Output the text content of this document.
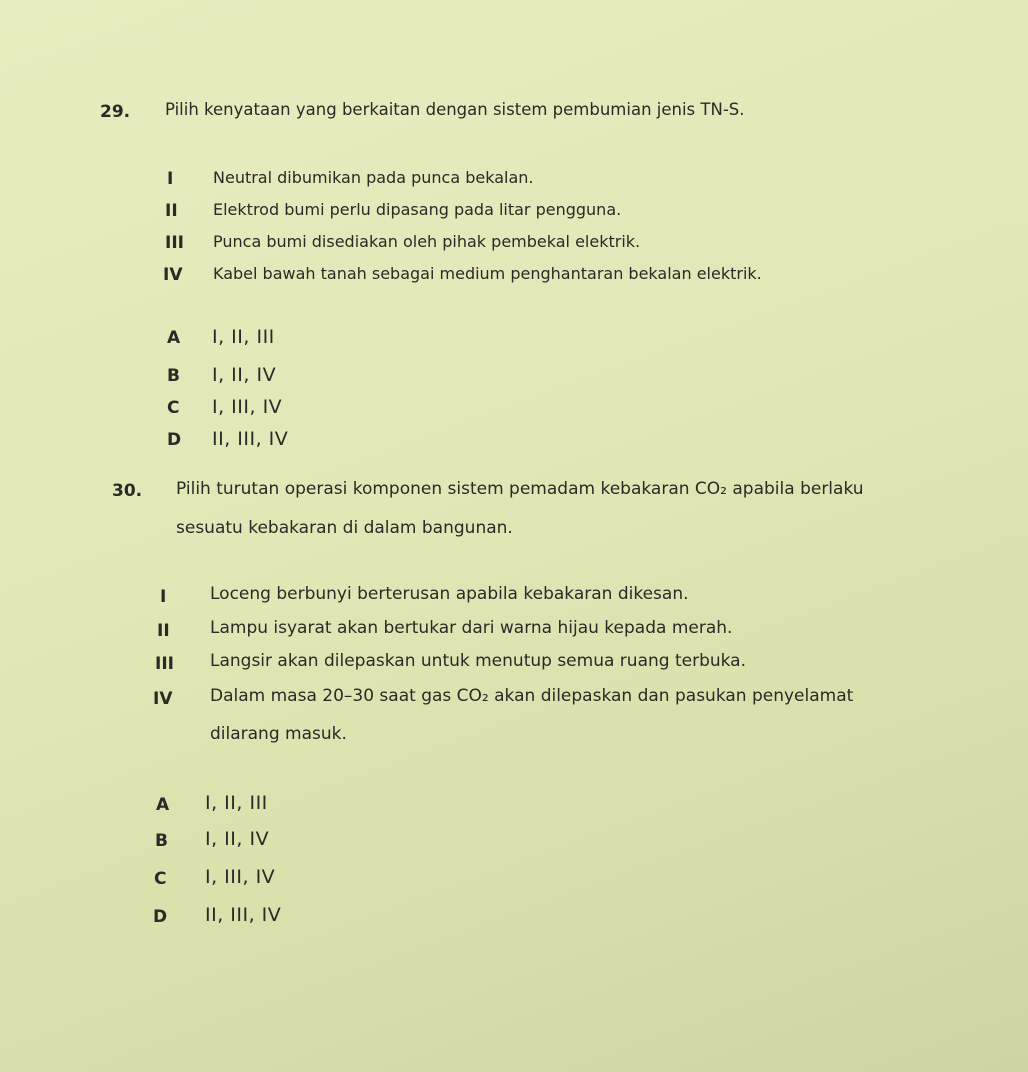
29. Pilih kenyataan yang berkaitan dengan sistem pembumian jenis TN-S.
I Neutral dibumikan pada punca bekalan.
II Elektrod bumi perlu dipasang pada litar pengguna.
III Punca bumi disediakan oleh pihak pembekal elektrik.
IV Kabel bawah tanah sebagai medium penghantaran bekalan elektrik.
A I, II, III
B I, II, IV
C I, III, IV
D II, III, IV
30. Pilih turutan operasi komponen sistem pemadam kebakaran CO₂ apabila berlaku
sesuatu kebakaran di dalam bangunan.
I	Loceng berbunyi berterusan apabila kebakaran dikesan.
II Lampu isyarat akan bertukar dari warna hijau kepada merah.
III Langsir akan dilepaskan untuk menutup semua ruang terbuka.
IV Dalam masa 20–30 saat gas CO₂ akan dilepaskan dan pasukan penyelamat
dilarang masuk.
A I, II, III
B I, II, IV
C I, III, IV
D II, III, IV
